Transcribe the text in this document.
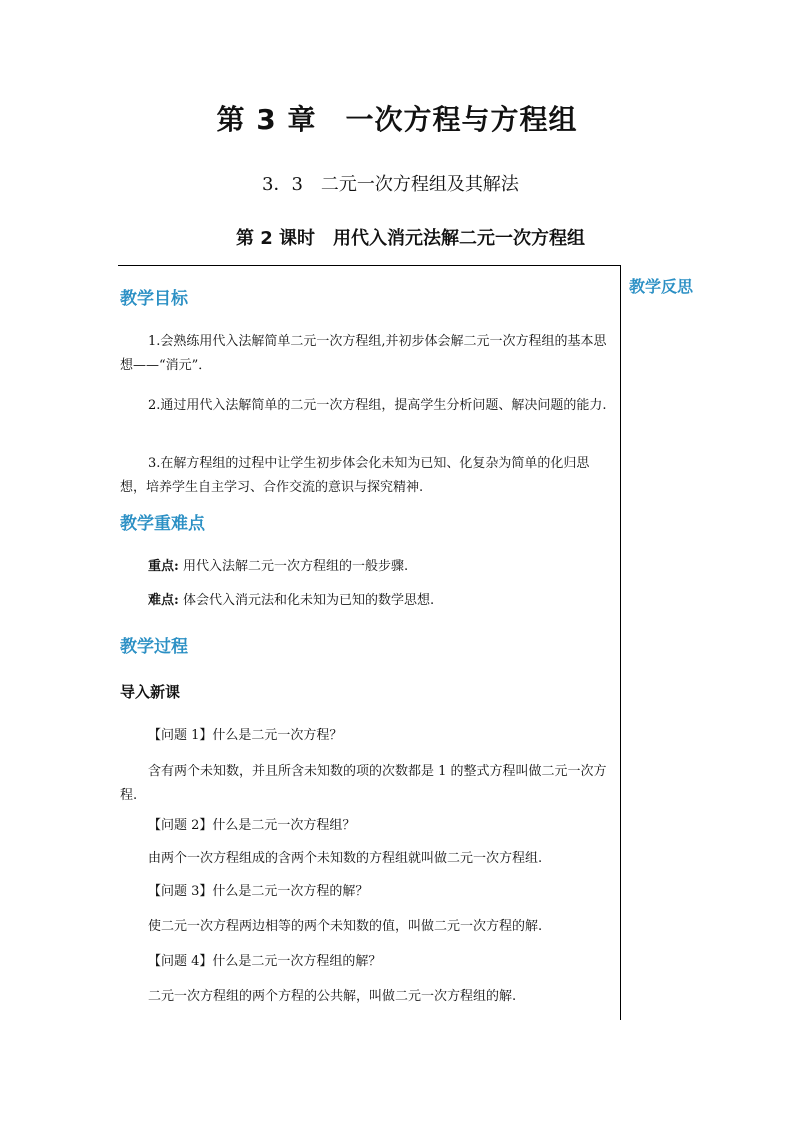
第 3 章　一次方程与方程组
3．3　二元一次方程组及其解法
第 2 课时　用代入消元法解二元一次方程组
教学反思
教学目标
1.会熟练用代入法解简单二元一次方程组,并初步体会解二元一次方程组的基本思想——“消元”．
2.通过用代入法解简单的二元一次方程组，提高学生分析问题、解决问题的能力.
3.在解方程组的过程中让学生初步体会化未知为已知、化复杂为简单的化归思想，培养学生自主学习、合作交流的意识与探究精神.
教学重难点
重点: 用代入法解二元一次方程组的一般步骤.
难点: 体会代入消元法和化未知为已知的数学思想.
教学过程
导入新课
【问题 1】什么是二元一次方程？
含有两个未知数，并且所含未知数的项的次数都是 1 的整式方程叫做二元一次方程.
【问题 2】什么是二元一次方程组？
由两个一次方程组成的含两个未知数的方程组就叫做二元一次方程组.
【问题 3】什么是二元一次方程的解？
使二元一次方程两边相等的两个未知数的值，叫做二元一次方程的解.
【问题 4】什么是二元一次方程组的解？
二元一次方程组的两个方程的公共解，叫做二元一次方程组的解.
